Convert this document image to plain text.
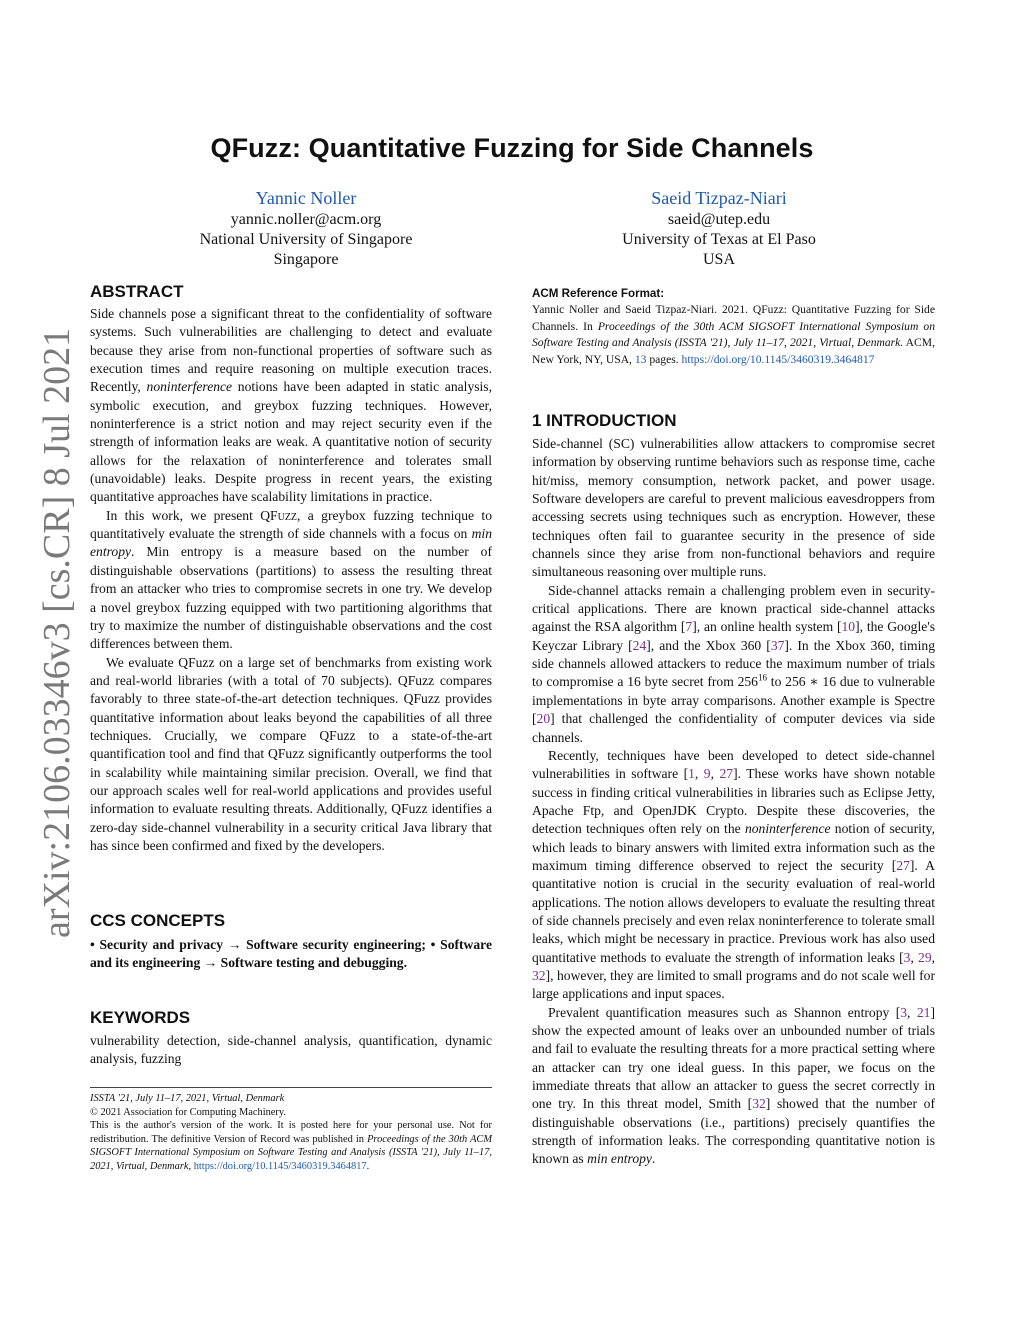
arXiv:2106.03346v3 [cs.CR] 8 Jul 2021
QFuzz: Quantitative Fuzzing for Side Channels
Yannic Noller
yannic.noller@acm.org
National University of Singapore
Singapore
Saeid Tizpaz-Niari
saeid@utep.edu
University of Texas at El Paso
USA
ABSTRACT

Side channels pose a significant threat to the confidentiality of software systems. Such vulnerabilities are challenging to detect and evaluate because they arise from non-functional properties of software such as execution times and require reasoning on multiple execution traces. Recently, noninterference notions have been adapted in static analysis, symbolic execution, and greybox fuzzing techniques. However, noninterference is a strict notion and may reject security even if the strength of information leaks are weak. A quantitative notion of security allows for the relaxation of noninterference and tolerates small (unavoidable) leaks. Despite progress in recent years, the existing quantitative approaches have scalability limitations in practice.

In this work, we present QFuzz, a greybox fuzzing technique to quantitatively evaluate the strength of side channels with a focus on min entropy. Min entropy is a measure based on the number of distinguishable observations (partitions) to assess the resulting threat from an attacker who tries to compromise secrets in one try. We develop a novel greybox fuzzing equipped with two partitioning algorithms that try to maximize the number of distinguishable observations and the cost differences between them.

We evaluate QFuzz on a large set of benchmarks from existing work and real-world libraries (with a total of 70 subjects). QFuzz compares favorably to three state-of-the-art detection techniques. QFuzz provides quantitative information about leaks beyond the capabilities of all three techniques. Crucially, we compare QFuzz to a state-of-the-art quantification tool and find that QFuzz significantly outperforms the tool in scalability while maintaining similar precision. Overall, we find that our approach scales well for real-world applications and provides useful information to evaluate resulting threats. Additionally, QFuzz identifies a zero-day side-channel vulnerability in a security critical Java library that has since been confirmed and fixed by the developers.

CCS CONCEPTS
• Security and privacy → Software security engineering; • Software and its engineering → Software testing and debugging.
KEYWORDS
vulnerability detection, side-channel analysis, quantification, dynamic analysis, fuzzing
ISSTA '21, July 11–17, 2021, Virtual, Denmark
© 2021 Association for Computing Machinery.
This is the author's version of the work. It is posted here for your personal use. Not for redistribution. The definitive Version of Record was published in Proceedings of the 30th ACM SIGSOFT International Symposium on Software Testing and Analysis (ISSTA '21), July 11–17, 2021, Virtual, Denmark, https://doi.org/10.1145/3460319.3464817.
ACM Reference Format:
Yannic Noller and Saeid Tizpaz-Niari. 2021. QFuzz: Quantitative Fuzzing for Side Channels. In Proceedings of the 30th ACM SIGSOFT International Symposium on Software Testing and Analysis (ISSTA '21), July 11–17, 2021, Virtual, Denmark. ACM, New York, NY, USA, 13 pages. https://doi.org/10.1145/3460319.3464817
1 INTRODUCTION

Side-channel (SC) vulnerabilities allow attackers to compromise secret information by observing runtime behaviors such as response time, cache hit/miss, memory consumption, network packet, and power usage. Software developers are careful to prevent malicious eavesdroppers from accessing secrets using techniques such as encryption. However, these techniques often fail to guarantee security in the presence of side channels since they arise from non-functional behaviors and require simultaneous reasoning over multiple runs.

Side-channel attacks remain a challenging problem even in security-critical applications. There are known practical side-channel attacks against the RSA algorithm [7], an online health system [10], the Google's Keyczar Library [24], and the Xbox 360 [37]. In the Xbox 360, timing side channels allowed attackers to reduce the maximum number of trials to compromise a 16 byte secret from $256^{16}$ to 256 ∗ 16 due to vulnerable implementations in byte array comparisons. Another example is Spectre [20] that challenged the confidentiality of computer devices via side channels.

Recently, techniques have been developed to detect side-channel vulnerabilities in software [1, 9, 27]. These works have shown notable success in finding critical vulnerabilities in libraries such as Eclipse Jetty, Apache Ftp, and OpenJDK Crypto. Despite these discoveries, the detection techniques often rely on the noninterference notion of security, which leads to binary answers with limited extra information such as the maximum timing difference observed to reject the security [27]. A quantitative notion is crucial in the security evaluation of real-world applications. The notion allows developers to evaluate the resulting threat of side channels precisely and even relax noninterference to tolerate small leaks, which might be necessary in practice. Previous work has also used quantitative methods to evaluate the strength of information leaks [3, 29, 32], however, they are limited to small programs and do not scale well for large applications and input spaces.

Prevalent quantification measures such as Shannon entropy [3, 21] show the expected amount of leaks over an unbounded number of trials and fail to evaluate the resulting threats for a more practical setting where an attacker can try one ideal guess. In this paper, we focus on the immediate threats that allow an attacker to guess the secret correctly in one try. In this threat model, Smith [32] showed that the number of distinguishable observations (i.e., partitions) precisely quantifies the strength of information leaks. The corresponding quantitative notion is known as min entropy.
